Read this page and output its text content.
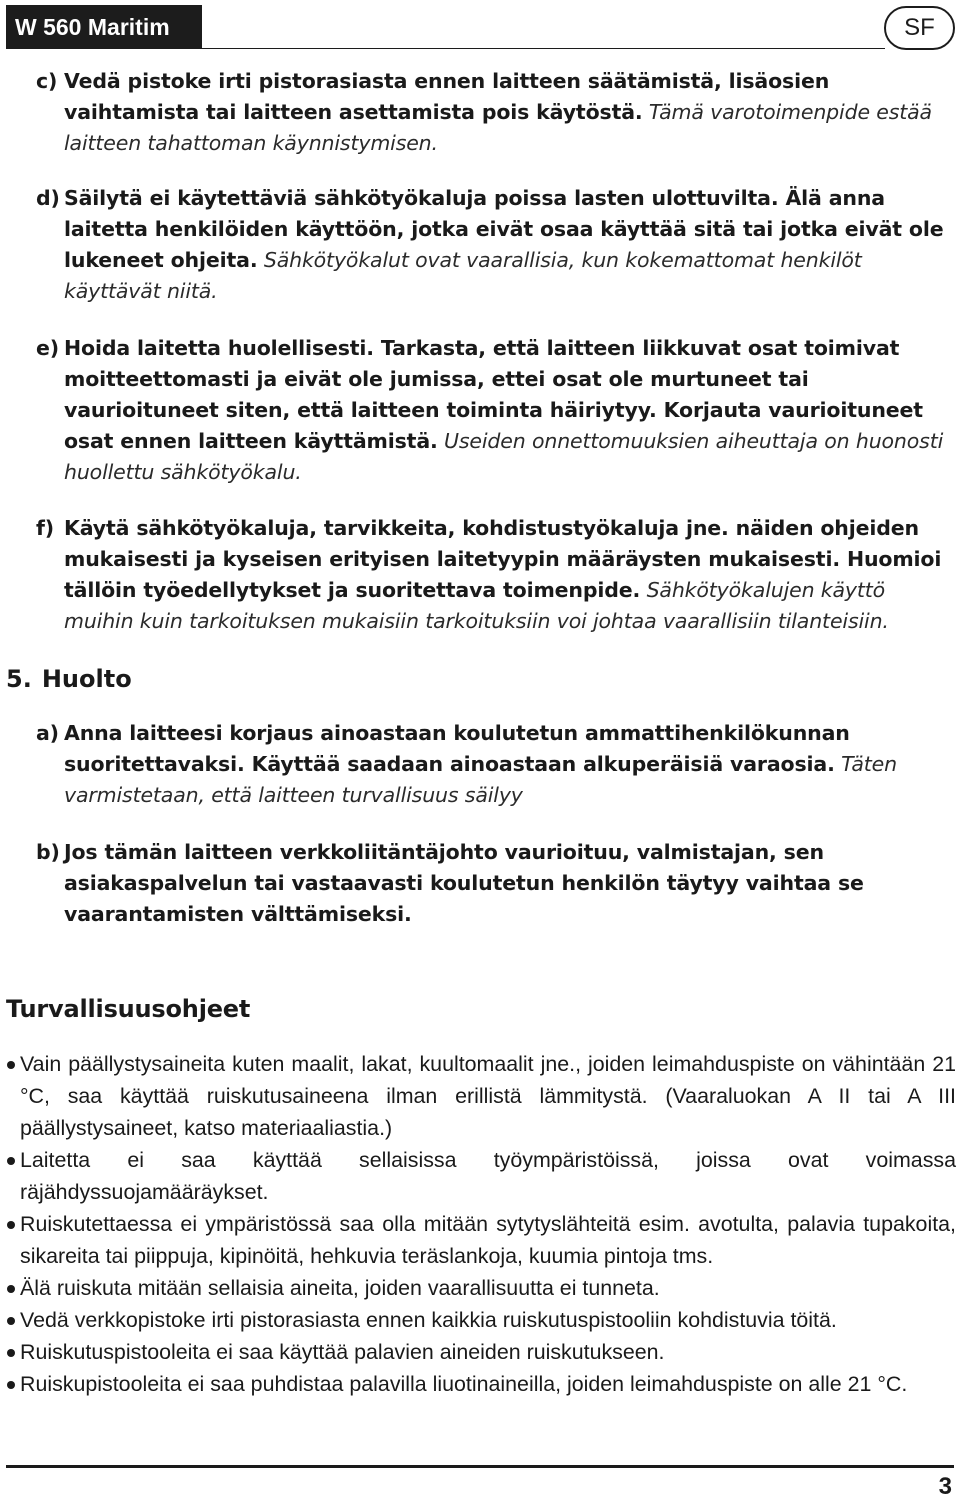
W 560 Maritim	SF
c) Vedä pistoke irti pistorasiasta ennen laitteen säätämistä, lisäosien vaihtamista tai laitteen asettamista pois käytöstä. Tämä varotoimenpide estää laitteen tahattoman käynnistymisen.
d) Säilytä ei käytettäviä sähkötyökaluja poissa lasten ulottuvilta. Älä anna laitetta henkilöiden käyttöön, jotka eivät osaa käyttää sitä tai jotka eivät ole lukeneet ohjeita. Sähkötyökalut ovat vaarallisia, kun kokemattomat henkilöt käyttävät niitä.
e) Hoida laitetta huolellisesti. Tarkasta, että laitteen liikkuvat osat toimivat moitteettomasti ja eivät ole jumissa, ettei osat ole murtuneet tai vaurioituneet siten, että laitteen toiminta häiriytyy. Korjauta vaurioituneet osat ennen laitteen käyttämistä. Useiden onnettomuuksien aiheuttaja on huonosti huollettu sähkötyökalu.
f) Käytä sähkötyökaluja, tarvikkeita, kohdistustyökaluja jne. näiden ohjeiden mukaisesti ja kyseisen erityisen laitetyypin määräysten mukaisesti. Huomioi tällöin työedellytykset ja suoritettava toimenpide. Sähkötyökalujen käyttö muihin kuin tarkoituksen mukaisiin tarkoituksiin voi johtaa vaarallisiin tilanteisiin.
5. Huolto
a) Anna laitteesi korjaus ainoastaan koulutetun ammattihenkilökunnan suoritettavaksi. Käyttää saadaan ainoastaan alkuperäisiä varaosia. Täten varmistetaan, että laitteen turvallisuus säilyy
b) Jos tämän laitteen verkkoliitäntäjohto vaurioituu, valmistajan, sen asiakaspalvelun tai vastaavasti koulutetun henkilön täytyy vaihtaa se vaarantamisten välttämiseksi.
Turvallisuusohjeet
Vain päällystysaineita kuten maalit, lakat, kuultomaalit jne., joiden leimahduspiste on vähintään 21 °C, saa käyttää ruiskutusaineena ilman erillistä lämmitystä. (Vaaraluokan A II tai A III päällystysaineet, katso materiaaliastia.)
Laitetta ei saa käyttää sellaisissa työympäristöissä, joissa ovat voimassa räjähdyssuojamääräykset.
Ruiskutettaessa ei ympäristössä saa olla mitään sytytyslähteitä esim. avotulta, palavia tupakoita, sikareita tai piippuja, kipinöitä, hehkuvia teräslankoja, kuumia pintoja tms.
Älä ruiskuta mitään sellaisia aineita, joiden vaarallisuutta ei tunneta.
Vedä verkkopistoke irti pistorasiasta ennen kaikkia ruiskutuspistooliin kohdistuvia töitä.
Ruiskutuspistooleita ei saa käyttää palavien aineiden ruiskutukseen.
Ruiskupistooleita ei saa puhdistaa palavilla liuotinaineilla, joiden leimahduspiste on alle 21 °C.
3
